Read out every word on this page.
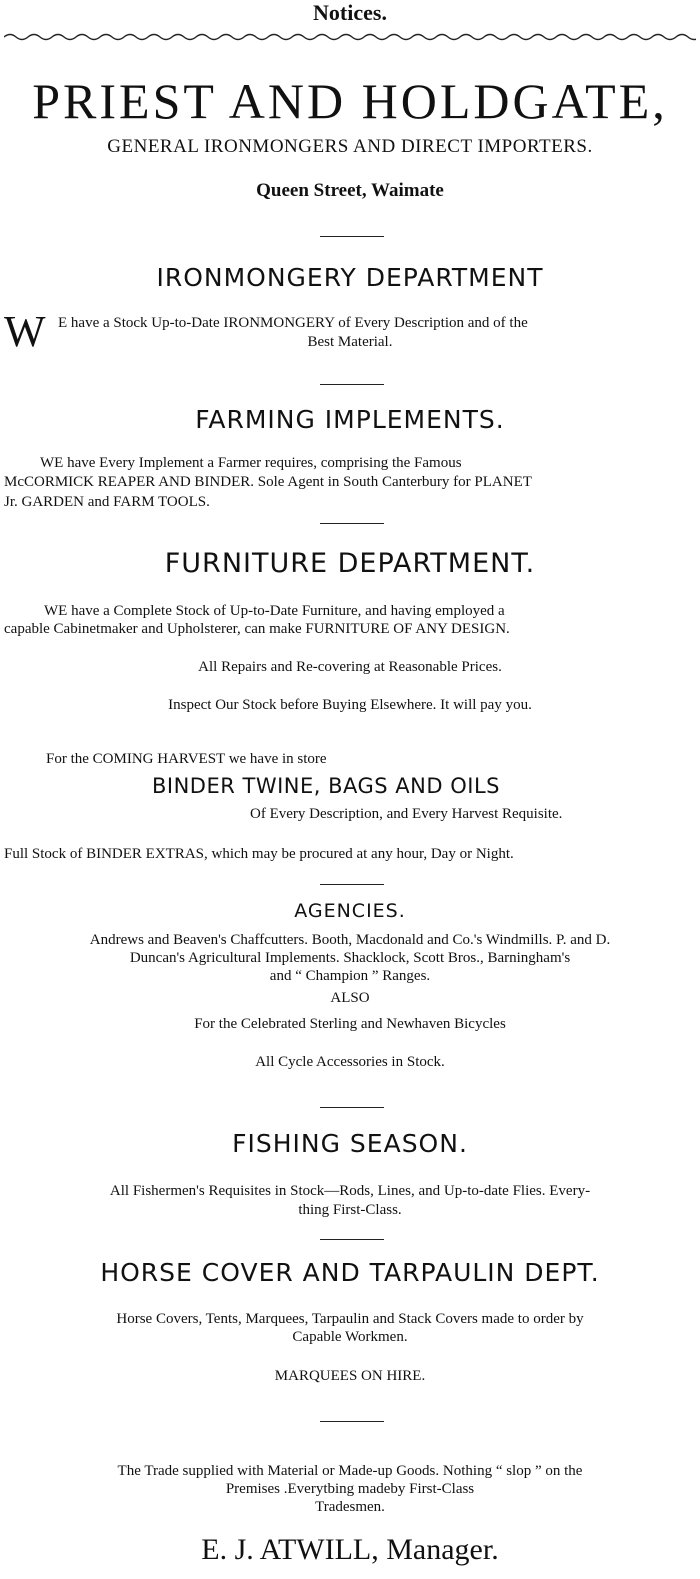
Notices.
PRIEST AND HOLDGATE,
GENERAL IRONMONGERS AND DIRECT IMPORTERS.
Queen Street, Waimate
IRONMONGERY DEPARTMENT
W E have a Stock Up-to-Date IRONMONGERY of Every Description and of the
Best Material.
FARMING IMPLEMENTS.
WE have Every Implement a Farmer requires, comprising the Famous
McCORMICK REAPER AND BINDER. Sole Agent in South Canterbury for PLANET
Jr. GARDEN and FARM TOOLS.
FURNITURE DEPARTMENT.
WE have a Complete Stock of Up-to-Date Furniture, and having employed a
capable Cabinetmaker and Upholsterer, can make FURNITURE OF ANY DESIGN.
All Repairs and Re-covering at Reasonable Prices.
Inspect Our Stock before Buying Elsewhere. It will pay you.
For the COMING HARVEST we have in store
BINDER TWINE, BAGS AND OILS
Of Every Description, and Every Harvest Requisite.
Full Stock of BINDER EXTRAS, which may be procured at any hour, Day or Night.
AGENCIES.
Andrews and Beaven's Chaffcutters. Booth, Macdonald and Co.'s Windmills. P. and D.
Duncan's Agricultural Implements. Shacklock, Scott Bros., Barningham's
and “ Champion ” Ranges.
ALSO
For the Celebrated Sterling and Newhaven Bicycles
All Cycle Accessories in Stock.
FISHING SEASON.
All Fishermen's Requisites in Stock—Rods, Lines, and Up-to-date Flies. Every-
thing First-Class.
HORSE COVER AND TARPAULIN DEPT.
Horse Covers, Tents, Marquees, Tarpaulin and Stack Covers made to order by
Capable Workmen.
MARQUEES ON HIRE.
The Trade supplied with Material or Made-up Goods. Nothing “ slop ” on the
Premises .Everytbing madeby First-Class
Tradesmen.
E. J. ATWILL, Manager.
